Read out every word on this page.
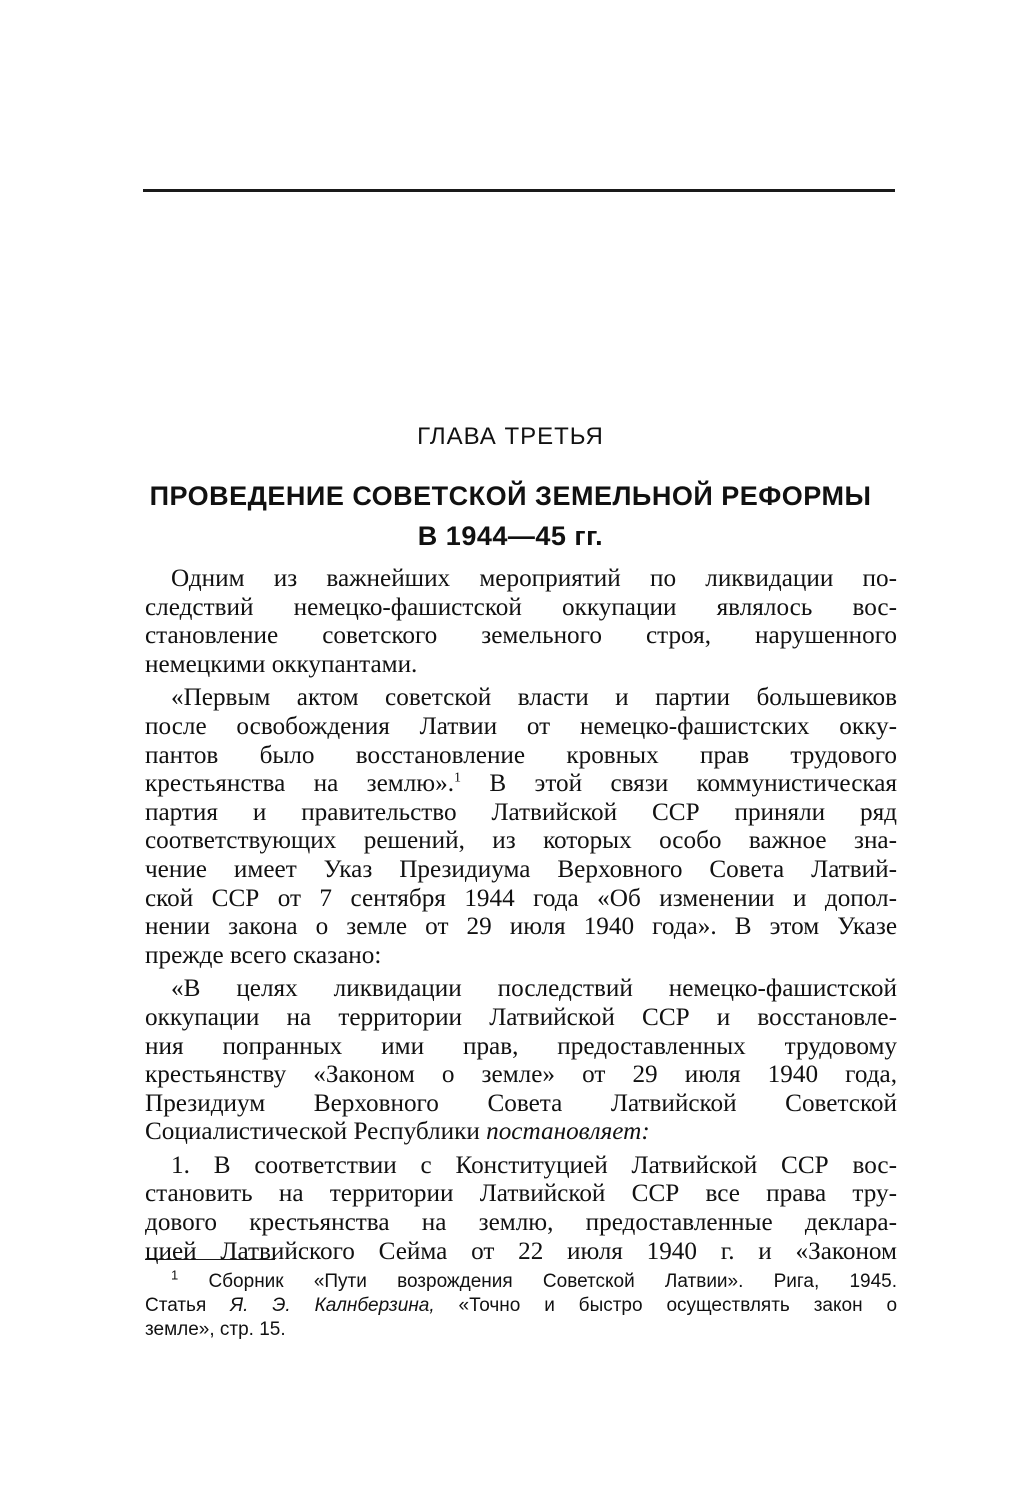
ГЛАВА ТРЕТЬЯ
ПРОВЕДЕНИЕ СОВЕТСКОЙ ЗЕМЕЛЬНОЙ РЕФОРМЫ
В 1944—45 гг.

Одним из важнейших мероприятий по ликвидации по-
следствий немецко-фашистской оккупации являлось вос-
становление советского земельного строя, нарушенного
немецкими оккупантами.

«Первым актом советской власти и партии большевиков
после освобождения Латвии от немецко-фашистских окку-
пантов было восстановление кровных прав трудового
крестьянства на землю».$^1$ В этой связи коммунистическая
партия и правительство Латвийской ССР приняли ряд
соответствующих решений, из которых особо важное зна-
чение имеет Указ Президиума Верховного Совета Латвий-
ской ССР от 7 сентября 1944 года «Об изменении и допол-
нении закона о земле от 29 июля 1940 года». В этом Указе
прежде всего сказано:

«В целях ликвидации последствий немецко-фашистской
оккупации на территории Латвийской ССР и восстановле-
ния попранных ими прав, предоставленных трудовому
крестьянству «Законом о земле» от 29 июля 1940 года,
Президиум Верховного Совета Латвийской Советской
Социалистической Республики постановляет:

1. В соответствии с Конституцией Латвийской ССР вос-
становить на территории Латвийской ССР все права тру-
дового крестьянства на землю, предоставленные деклара-
цией Латвийского Сейма от 22 июля 1940 г. и «Законом

$^1$ Сборник «Пути возрождения Советской Латвии». Рига, 1945.
Статья Я. Э. Калнберзина, «Точно и быстро осуществлять закон о
земле», стр. 15.
